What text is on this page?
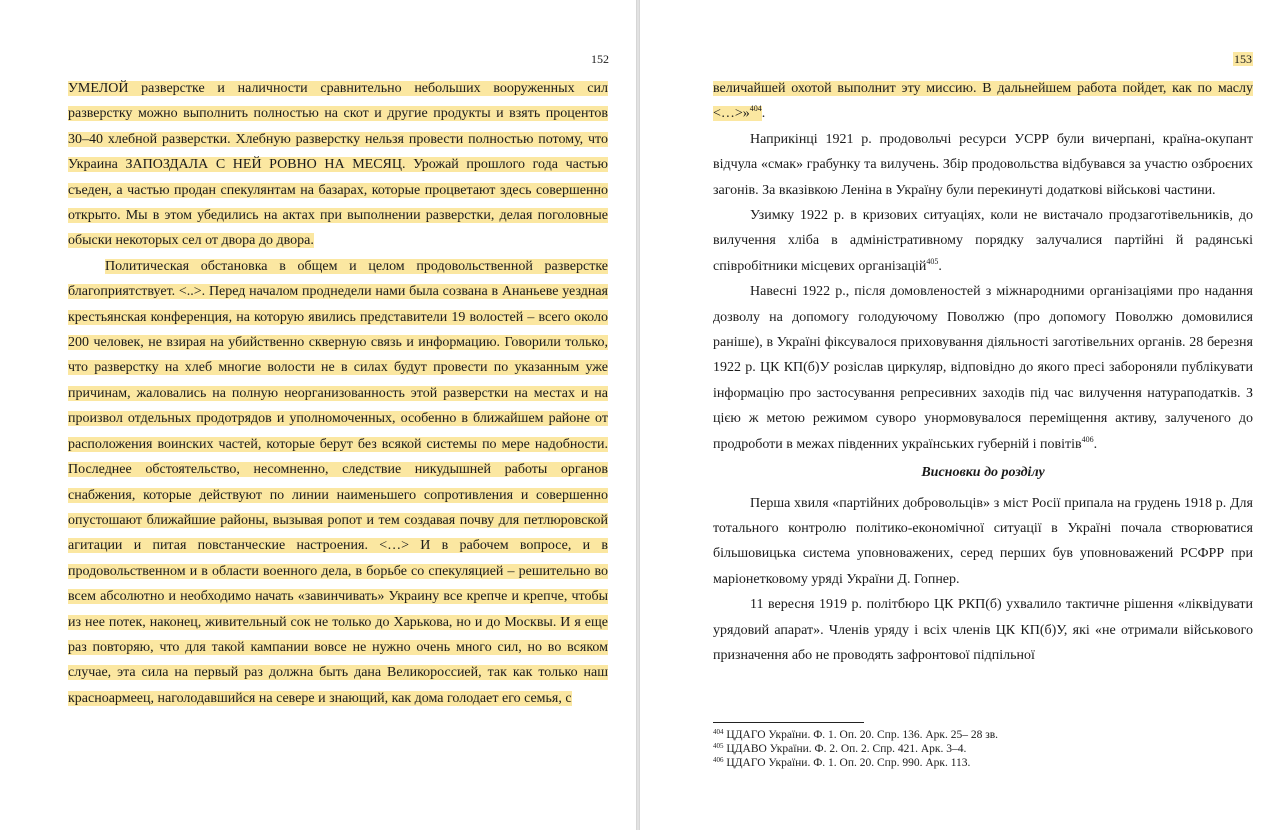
152
УМЕЛОЙ разверстке и наличности сравнительно небольших вооруженных сил разверстку можно выполнить полностью на скот и другие продукты и взять процентов 30–40 хлебной разверстки. Хлебную разверстку нельзя провести полностью потому, что Украина ЗАПОЗДАЛА С НЕЙ РОВНО НА МЕСЯЦ. Урожай прошлого года частью съеден, а частью продан спекулянтам на базарах, которые процветают здесь совершенно открыто. Мы в этом убедились на актах при выполнении разверстки, делая поголовные обыски некоторых сел от двора до двора.
Политическая обстановка в общем и целом продовольственной разверстке благоприятствует. <..>. Перед началом проднедели нами была созвана в Ананьеве уездная крестьянская конференция, на которую явились представители 19 волостей – всего около 200 человек, не взирая на убийственно скверную связь и информацию. Говорили только, что разверстку на хлеб многие волости не в силах будут провести по указанным уже причинам, жаловались на полную неорганизованность этой разверстки на местах и на произвол отдельных продотрядов и уполномоченных, особенно в ближайшем районе от расположения воинских частей, которые берут без всякой системы по мере надобности. Последнее обстоятельство, несомненно, следствие никудышней работы органов снабжения, которые действуют по линии наименьшего сопротивления и совершенно опустошают ближайшие районы, вызывая ропот и тем создавая почву для петлюровской агитации и питая повстанческие настроения. <…> И в рабочем вопросе, и в продовольственном и в области военного дела, в борьбе со спекуляцией – решительно во всем абсолютно и необходимо начать «завинчивать» Украину все крепче и крепче, чтобы из нее потек, наконец, живительный сок не только до Харькова, но и до Москвы. И я еще раз повторяю, что для такой кампании вовсе не нужно очень много сил, но во всяком случае, эта сила на первый раз должна быть дана Великороссией, так как только наш красноармеец, наголодавшийся на севере и знающий, как дома голодает его семья, с
153
величайшей охотой выполнит эту миссию. В дальнейшем работа пойдет, как по маслу <…>»$^{404}$.
Наприкінці 1921 р. продовольчі ресурси УСРР були вичерпані, країна-окупант відчула «смак» грабунку та вилучень. Збір продовольства відбувався за участю озброєних загонів. За вказівкою Леніна в Україну були перекинуті додаткові військові частини.
Узимку 1922 р. в кризових ситуаціях, коли не вистачало продзаготівельників, до вилучення хліба в адміністративному порядку залучалися партійні й радянські співробітники місцевих організацій$^{405}$.
Навесні 1922 р., після домовленостей з міжнародними організаціями про надання дозволу на допомогу голодуючому Поволжю (про допомогу Поволжю домовилися раніше), в Україні фіксувалося приховування діяльності заготівельних органів. 28 березня 1922 р. ЦК КП(б)У розіслав циркуляр, відповідно до якого пресі забороняли публікувати інформацію про застосування репресивних заходів під час вилучення натураподатків. З цією ж метою режимом суворо унормовувалося переміщення активу, залученого до продроботи в межах південних українських губерній і повітів$^{406}$.
Висновки до розділу
Перша хвиля «партійних добровольців» з міст Росії припала на грудень 1918 р. Для тотального контролю політико-економічної ситуації в Україні почала створюватися більшовицька система уповноважених, серед перших був уповноважений РСФРР при маріонетковому уряді України Д. Гопнер.
11 вересня 1919 р. політбюро ЦК РКП(б) ухвалило тактичне рішення «ліквідувати урядовий апарат». Членів уряду і всіх членів ЦК КП(б)У, які «не отримали військового призначення або не проводять зафронтової підпільної
$^{404}$ ЦДАГО України. Ф. 1. Оп. 20. Спр. 136. Арк. 25– 28 зв.
$^{405}$ ЦДАВО України. Ф. 2. Оп. 2. Спр. 421. Арк. 3–4.
$^{406}$ ЦДАГО України. Ф. 1. Оп. 20. Спр. 990. Арк. 113.
